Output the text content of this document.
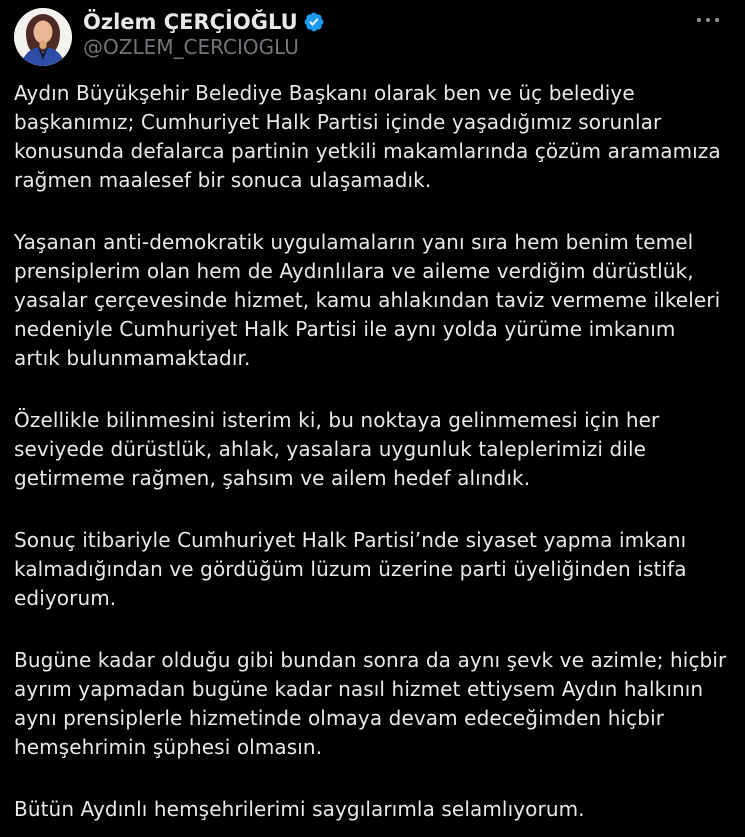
Özlem ÇERÇİOĞLU
@OZLEM_CERCIOGLU

Aydın Büyükşehir Belediye Başkanı olarak ben ve üç belediye başkanımız; Cumhuriyet Halk Partisi içinde yaşadığımız sorunlar konusunda defalarca partinin yetkili makamlarında çözüm aramamıza rağmen maalesef bir sonuca ulaşamadık.

Yaşanan anti-demokratik uygulamaların yanı sıra hem benim temel prensiplerim olan hem de Aydınlılara ve aileme verdiğim dürüstlük, yasalar çerçevesinde hizmet, kamu ahlakından taviz vermeme ilkeleri nedeniyle Cumhuriyet Halk Partisi ile aynı yolda yürüme imkanım artık bulunmamaktadır.

Özellikle bilinmesini isterim ki, bu noktaya gelinmemesi için her seviyede dürüstlük, ahlak, yasalara uygunluk taleplerimizi dile getirmeme rağmen, şahsım ve ailem hedef alındık.

Sonuç itibariyle Cumhuriyet Halk Partisi’nde siyaset yapma imkanı kalmadığından ve gördüğüm lüzum üzerine parti üyeliğinden istifa ediyorum.

Bugüne kadar olduğu gibi bundan sonra da aynı şevk ve azimle; hiçbir ayrım yapmadan bugüne kadar nasıl hizmet ettiysem Aydın halkının aynı prensiplerle hizmetinde olmaya devam edeceğimden hiçbir hemşehrimin şüphesi olmasın.

Bütün Aydınlı hemşehrilerimi saygılarımla selamlıyorum.
